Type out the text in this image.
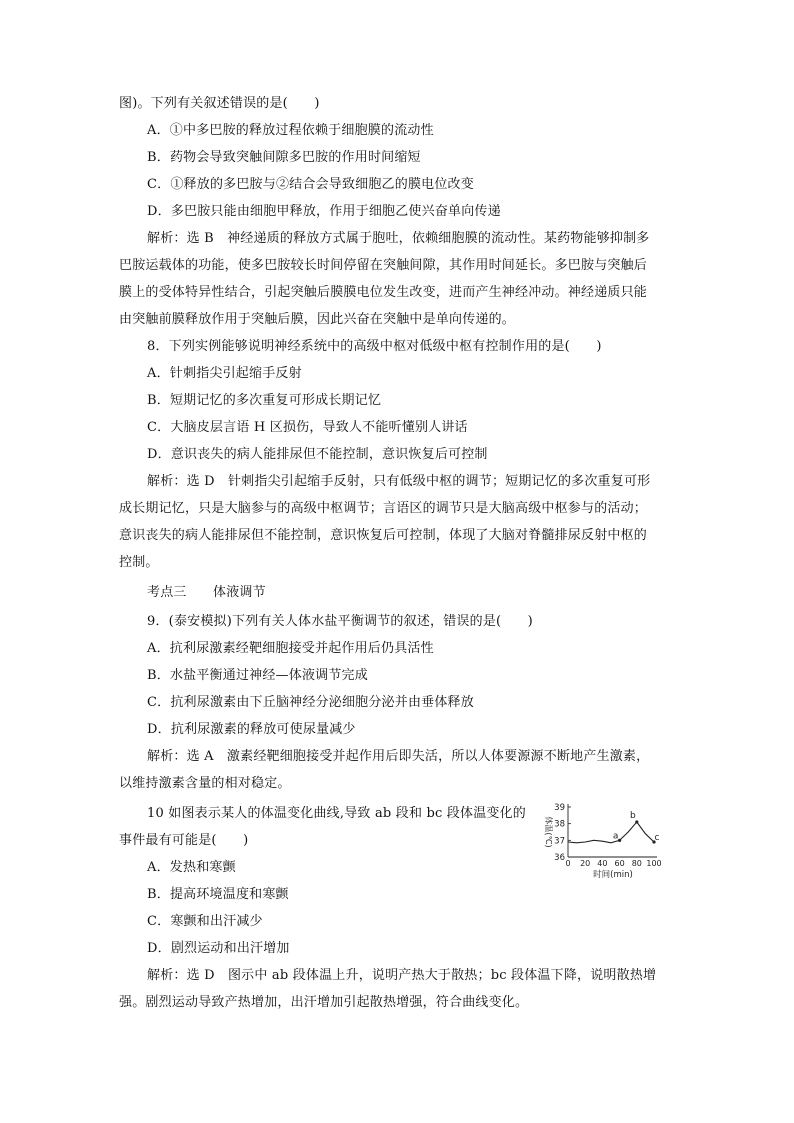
图)。下列有关叙述错误的是(　　)
A．①中多巴胺的释放过程依赖于细胞膜的流动性
B．药物会导致突触间隙多巴胺的作用时间缩短
C．①释放的多巴胺与②结合会导致细胞乙的膜电位改变
D．多巴胺只能由细胞甲释放，作用于细胞乙使兴奋单向传递
解析：选 B　神经递质的释放方式属于胞吐，依赖细胞膜的流动性。某药物能够抑制多
巴胺运载体的功能，使多巴胺较长时间停留在突触间隙，其作用时间延长。多巴胺与突触后
膜上的受体特异性结合，引起突触后膜膜电位发生改变，进而产生神经冲动。神经递质只能
由突触前膜释放作用于突触后膜，因此兴奋在突触中是单向传递的。
8．下列实例能够说明神经系统中的高级中枢对低级中枢有控制作用的是(　　)
A．针刺指尖引起缩手反射
B．短期记忆的多次重复可形成长期记忆
C．大脑皮层言语 H 区损伤，导致人不能听懂别人讲话
D．意识丧失的病人能排尿但不能控制，意识恢复后可控制
解析：选 D　针刺指尖引起缩手反射，只有低级中枢的调节；短期记忆的多次重复可形
成长期记忆，只是大脑参与的高级中枢调节；言语区的调节只是大脑高级中枢参与的活动；
意识丧失的病人能排尿但不能控制，意识恢复后可控制，体现了大脑对脊髓排尿反射中枢的
控制。
考点三　　体液调节
9．(泰安模拟)下列有关人体水盐平衡调节的叙述，错误的是(　　)
A．抗利尿激素经靶细胞接受并起作用后仍具活性
B．水盐平衡通过神经—体液调节完成
C．抗利尿激素由下丘脑神经分泌细胞分泌并由垂体释放
D．抗利尿激素的释放可使尿量减少
解析：选 A　激素经靶细胞接受并起作用后即失活，所以人体要源源不断地产生激素，
以维持激素含量的相对稳定。
10 如图表示某人的体温变化曲线,导致 ab 段和 bc 段体温变化的
事件最有可能是(　　)
A．发热和寒颤
B．提高环境温度和寒颤
C．寒颤和出汗减少
D．剧烈运动和出汗增加
解析：选 D　图示中 ab 段体温上升，说明产热大于散热；bc 段体温下降，说明散热增
强。剧烈运动导致产热增加，出汗增加引起散热增强，符合曲线变化。
36
37
38
39
0 20 40 60 80 100
时间(min)
体温(℃)	a
b
c
